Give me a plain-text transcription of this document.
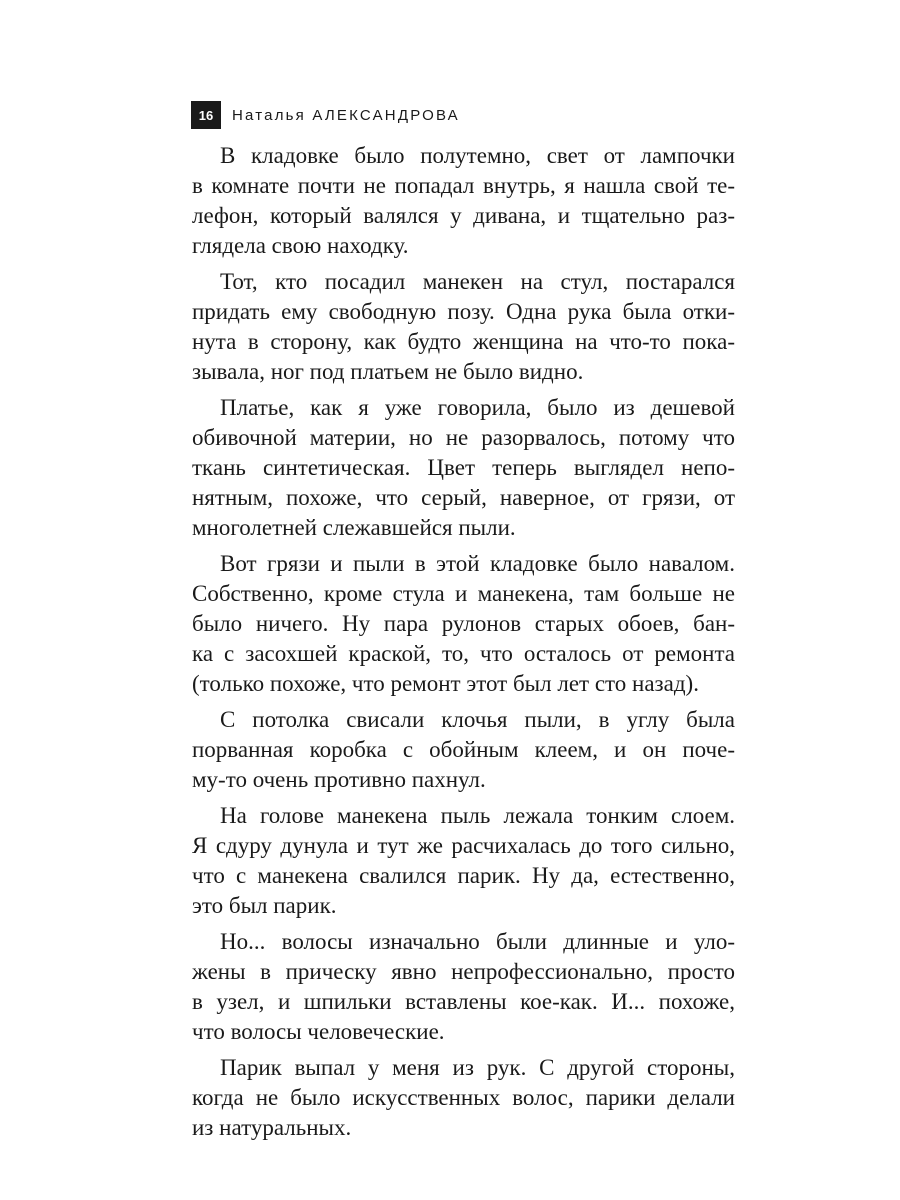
16	Наталья АЛЕКСАНДРОВА

В кладовке было полутемно, свет от лампочки
в комнате почти не попадал внутрь, я нашла свой те-
лефон, который валялся у дивана, и тщательно раз-
глядела свою находку.

Тот, кто посадил манекен на стул, постарался
придать ему свободную позу. Одна рука была отки-
нута в сторону, как будто женщина на что-то пока-
зывала, ног под платьем не было видно.

Платье, как я уже говорила, было из дешевой
обивочной материи, но не разорвалось, потому что
ткань синтетическая. Цвет теперь выглядел непо-
нятным, похоже, что серый, наверное, от грязи, от
многолетней слежавшейся пыли.

Вот грязи и пыли в этой кладовке было навалом.
Собственно, кроме стула и манекена, там больше не
было ничего. Ну пара рулонов старых обоев, бан-
ка с засохшей краской, то, что осталось от ремонта
(только похоже, что ремонт этот был лет сто назад).

С потолка свисали клочья пыли, в углу была
порванная коробка с обойным клеем, и он поче-
му-то очень противно пахнул.

На голове манекена пыль лежала тонким слоем.
Я сдуру дунула и тут же расчихалась до того сильно,
что с манекена свалился парик. Ну да, естественно,
это был парик.

Но... волосы изначально были длинные и уло-
жены в прическу явно непрофессионально, просто
в узел, и шпильки вставлены кое-как. И... похоже,
что волосы человеческие.

Парик выпал у меня из рук. С другой стороны,
когда не было искусственных волос, парики делали
из натуральных.
